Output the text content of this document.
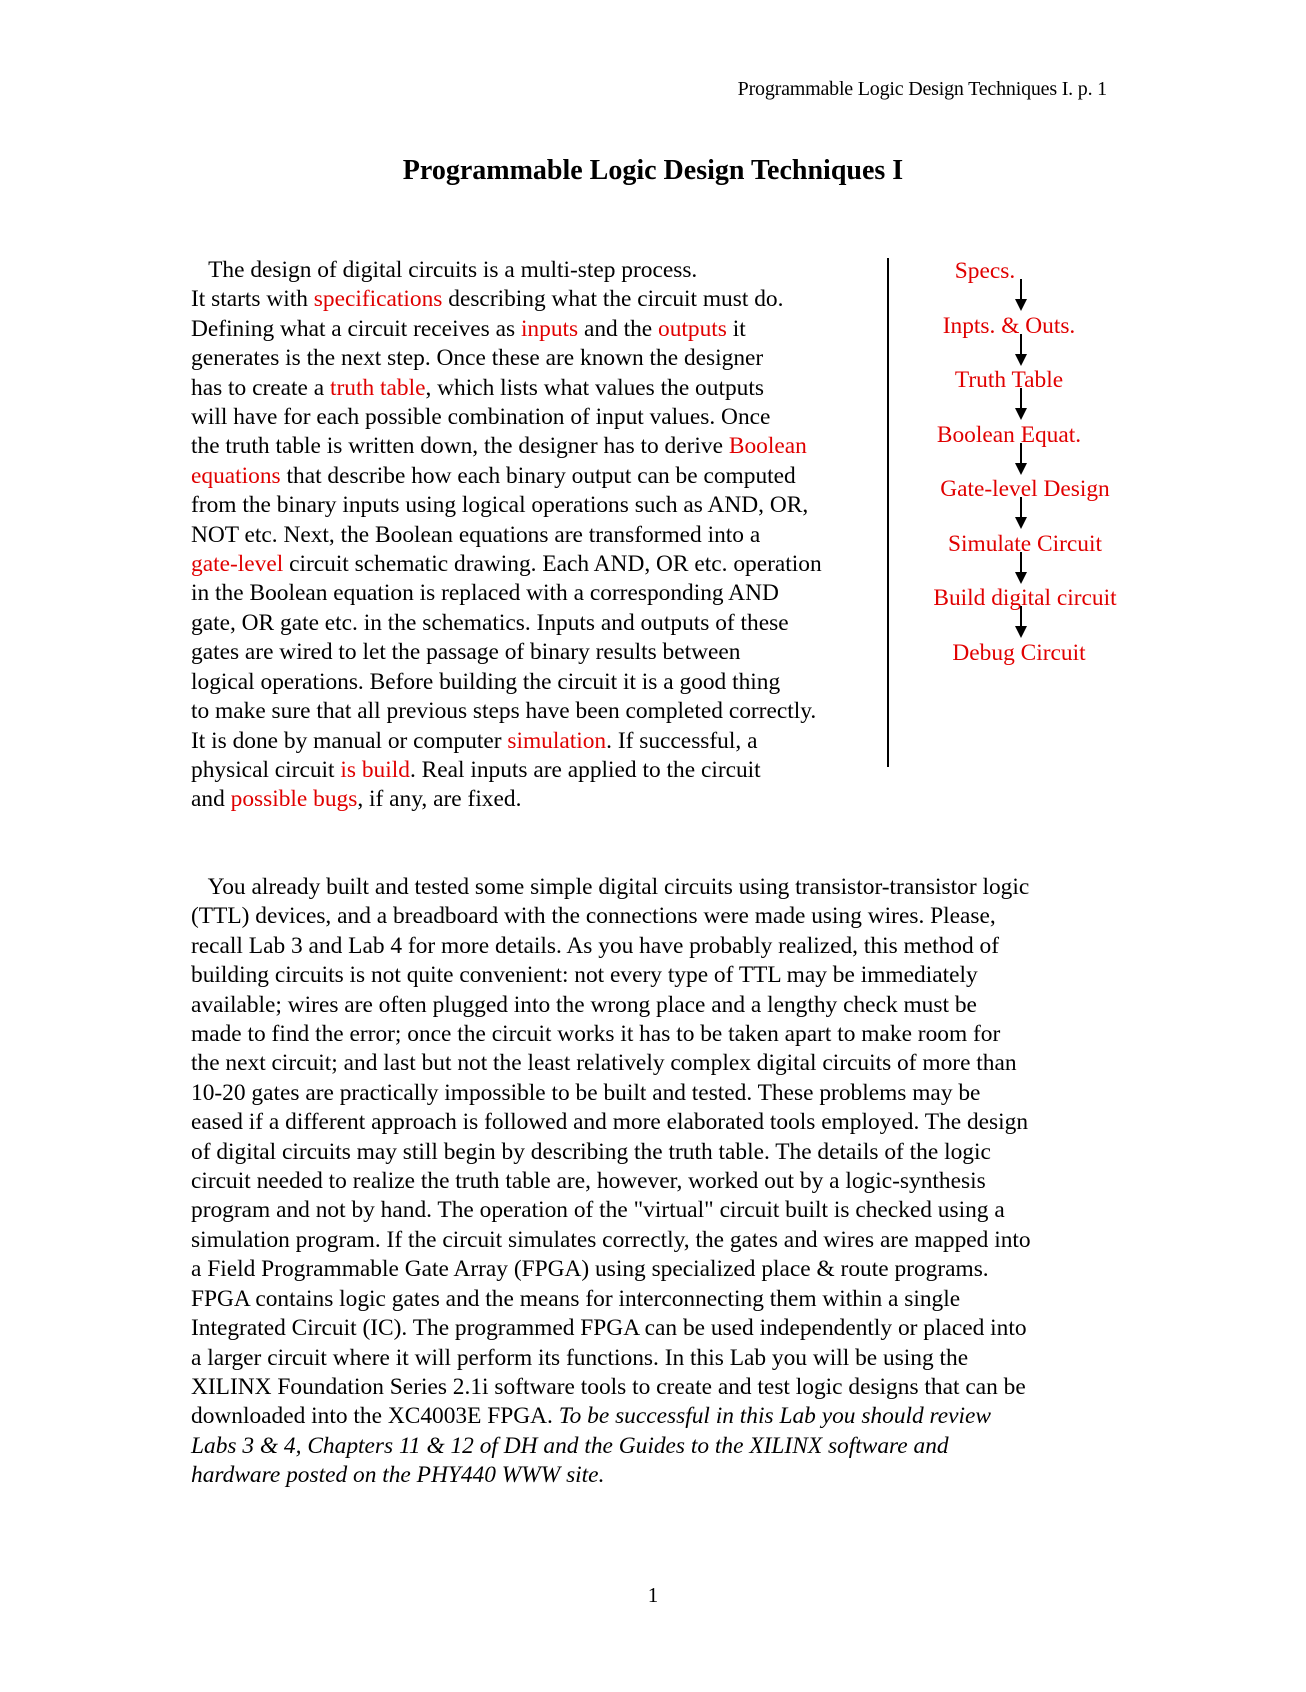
Programmable Logic Design Techniques I. p. 1
Programmable Logic Design Techniques I
The design of digital circuits is a multi-step process.
It starts with specifications describing what the circuit must do.
Defining what a circuit receives as inputs and the outputs it
generates is the next step. Once these are known the designer
has to create a truth table, which lists what values the outputs
will have for each possible combination of input values. Once
the truth table is written down, the designer has to derive Boolean
equations that describe how each binary output can be computed
from the binary inputs using logical operations such as AND, OR,
NOT etc. Next, the Boolean equations are transformed into a
gate-level circuit schematic drawing. Each AND, OR etc. operation
in the Boolean equation is replaced with a corresponding AND
gate, OR gate etc. in the schematics. Inputs and outputs of these
gates are wired to let the passage of binary results between
logical operations. Before building the circuit it is a good thing
to make sure that all previous steps have been completed correctly.
It is done by manual or computer simulation. If successful, a
physical circuit is build. Real inputs are applied to the circuit
and possible bugs, if any, are fixed.
Specs.
Inpts. & Outs.
Truth Table
Boolean Equat.
Gate-level Design
Simulate Circuit
Build digital circuit
Debug Circuit
You already built and tested some simple digital circuits using transistor-transistor logic
(TTL) devices, and a breadboard with the connections were made using wires. Please,
recall Lab 3 and Lab 4 for more details. As you have probably realized, this method of
building circuits is not quite convenient: not every type of TTL may be immediately
available; wires are often plugged into the wrong place and a lengthy check must be
made to find the error; once the circuit works it has to be taken apart to make room for
the next circuit; and last but not the least relatively complex digital circuits of more than
10-20 gates are practically impossible to be built and tested. These problems may be
eased if a different approach is followed and more elaborated tools employed. The design
of digital circuits may still begin by describing the truth table. The details of the logic
circuit needed to realize the truth table are, however, worked out by a logic-synthesis
program and not by hand. The operation of the "virtual" circuit built is checked using a
simulation program. If the circuit simulates correctly, the gates and wires are mapped into
a Field Programmable Gate Array (FPGA) using specialized place & route programs.
FPGA contains logic gates and the means for interconnecting them within a single
Integrated Circuit (IC). The programmed FPGA can be used independently or placed into
a larger circuit where it will perform its functions. In this Lab you will be using the
XILINX Foundation Series 2.1i software tools to create and test logic designs that can be
downloaded into the XC4003E FPGA. To be successful in this Lab you should review
Labs 3 & 4, Chapters 11 & 12 of DH and the Guides to the XILINX software and
hardware posted on the PHY440 WWW site.
1
